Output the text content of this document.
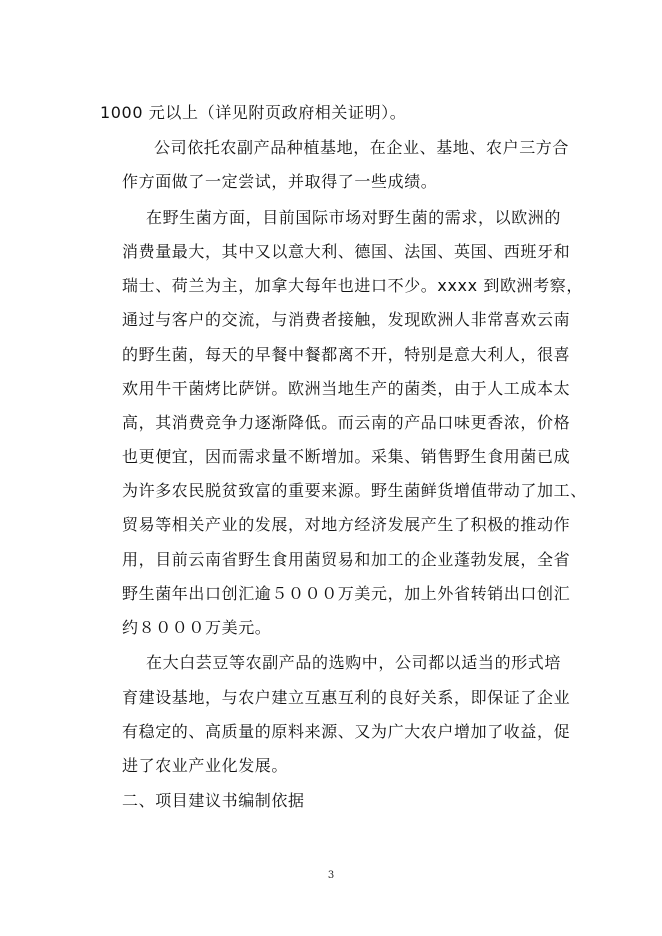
1000 元以上（详见附页政府相关证明）。
公司依托农副产品种植基地，在企业、基地、农户三方合
作方面做了一定尝试，并取得了一些成绩。
在野生菌方面，目前国际市场对野生菌的需求，以欧洲的
消费量最大，其中又以意大利、德国、法国、英国、西班牙和
瑞士、荷兰为主，加拿大每年也进口不少。xxxx 到欧洲考察，
通过与客户的交流，与消费者接触，发现欧洲人非常喜欢云南
的野生菌，每天的早餐中餐都离不开，特别是意大利人，很喜
欢用牛干菌烤比萨饼。欧洲当地生产的菌类，由于人工成本太
高，其消费竞争力逐渐降低。而云南的产品口味更香浓，价格
也更便宜，因而需求量不断增加。采集、销售野生食用菌已成
为许多农民脱贫致富的重要来源。野生菌鲜货增值带动了加工、
贸易等相关产业的发展，对地方经济发展产生了积极的推动作
用，目前云南省野生食用菌贸易和加工的企业蓬勃发展，全省
野生菌年出口创汇逾５０００万美元，加上外省转销出口创汇
约８０００万美元。
在大白芸豆等农副产品的选购中，公司都以适当的形式培
育建设基地，与农户建立互惠互利的良好关系，即保证了企业
有稳定的、高质量的原料来源、又为广大农户增加了收益，促
进了农业产业化发展。
二、项目建议书编制依据
3
